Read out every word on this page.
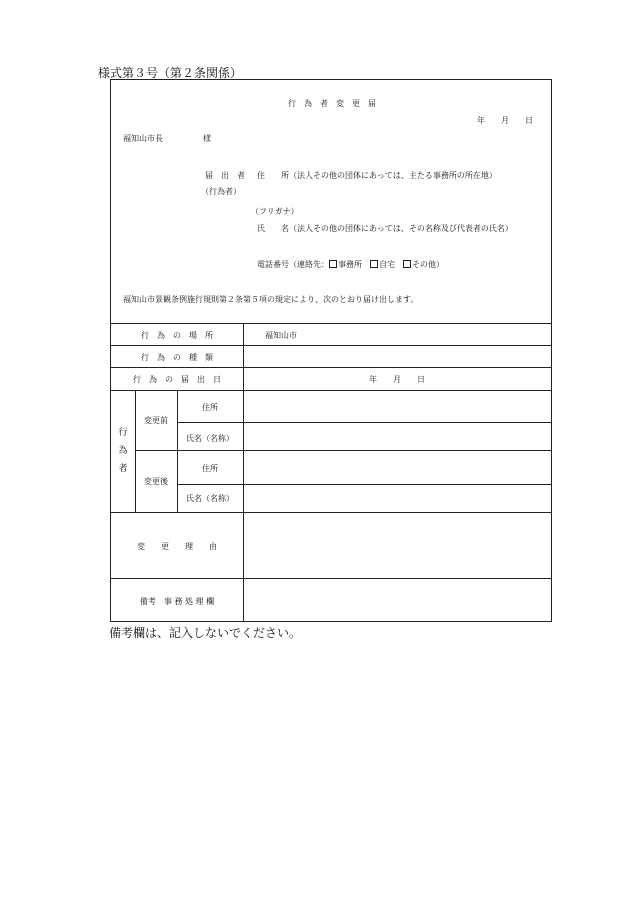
様式第３号（第２条関係）
行　為　者　変　更　届
年　　月　　日
福知山市長　　　　　様
届　出　者
（行為者）
住　　所（法人その他の団体にあっては、主たる事務所の所在地）
（フリガナ）
氏　　名（法人その他の団体にあっては、その名称及び代表者の氏名）
電話番号（連絡先： 事務所　 自宅　 その他）
福知山市景観条例施行規則第２条第５項の規定により、次のとおり届け出します。
行　為　の　場　所	福知山市
行　為　の　種　類
行　為　の　届　出　日	年　　月　　日
行為者
変更前
変更後
住所
氏名（名称）
住所
氏名（名称）
変　　更　　理　　由
備考　事 務 処 理 欄
備考欄は、記入しないでください。
